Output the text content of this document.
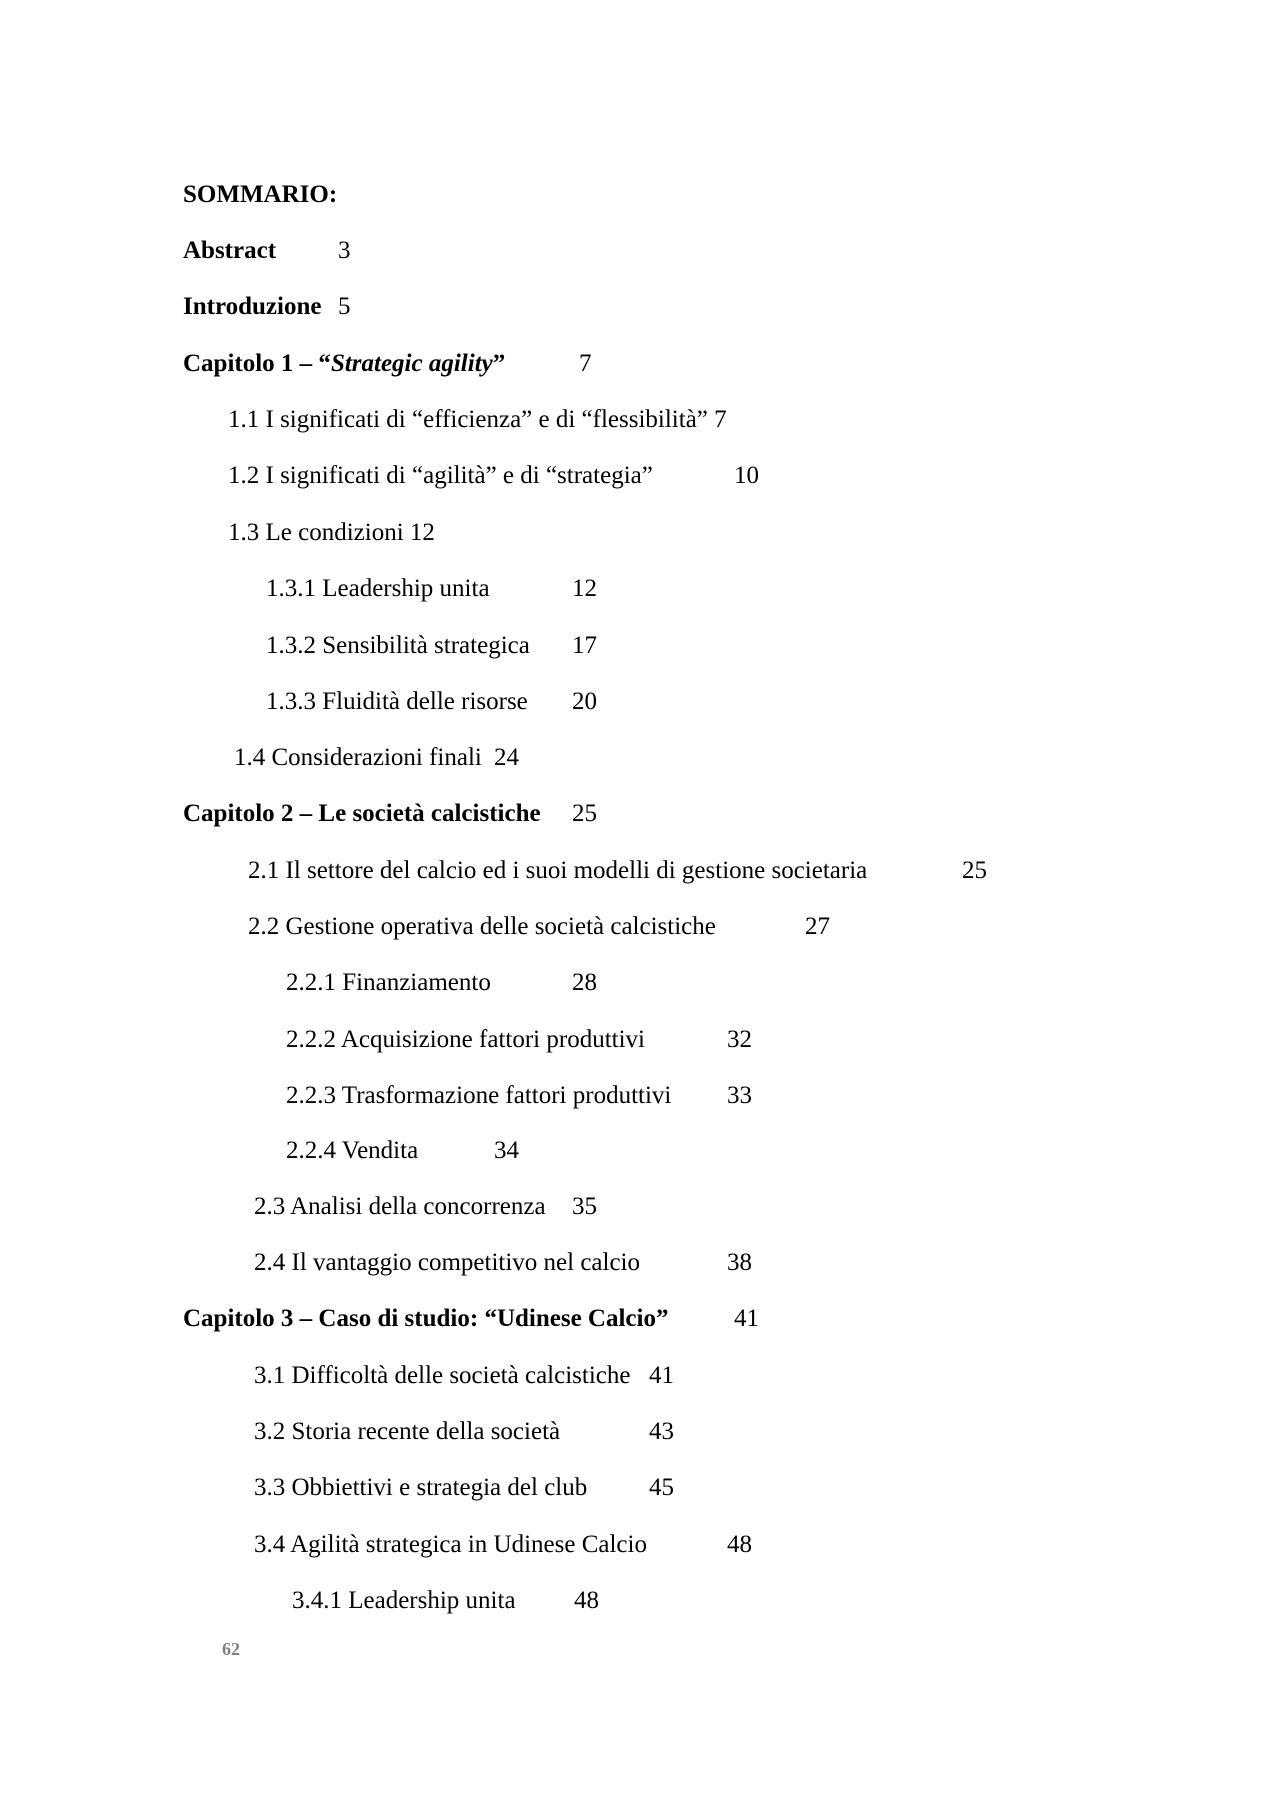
SOMMARIO:
Abstract 3
Introduzione 5
Capitolo 1 – “Strategic agility”	7
1.1 I significati di “efficienza” e di “flessibilità” 7
1.2 I significati di “agilità” e di “strategia”	10
1.3 Le condizioni 12
1.3.1 Leadership unita	12
1.3.2 Sensibilità strategica 17
1.3.3 Fluidità delle risorse 20
1.4 Considerazioni finali 24
Capitolo 2 – Le società calcistiche 25
2.1 Il settore del calcio ed i suoi modelli di gestione societaria	25
2.2 Gestione operativa delle società calcistiche	27
2.2.1 Finanziamento	28
2.2.2 Acquisizione fattori produttivi	32
2.2.3 Trasformazione fattori produttivi 33
2.2.4 Vendita	34
2.3 Analisi della concorrenza 35
2.4 Il vantaggio competitivo nel calcio	38
Capitolo 3 – Caso di studio: “Udinese Calcio”	41
3.1 Difficoltà delle società calcistiche 41
3.2 Storia recente della società	43
3.3 Obbiettivi e strategia del club 45
3.4 Agilità strategica in Udinese Calcio	48
3.4.1 Leadership unita 48
62
